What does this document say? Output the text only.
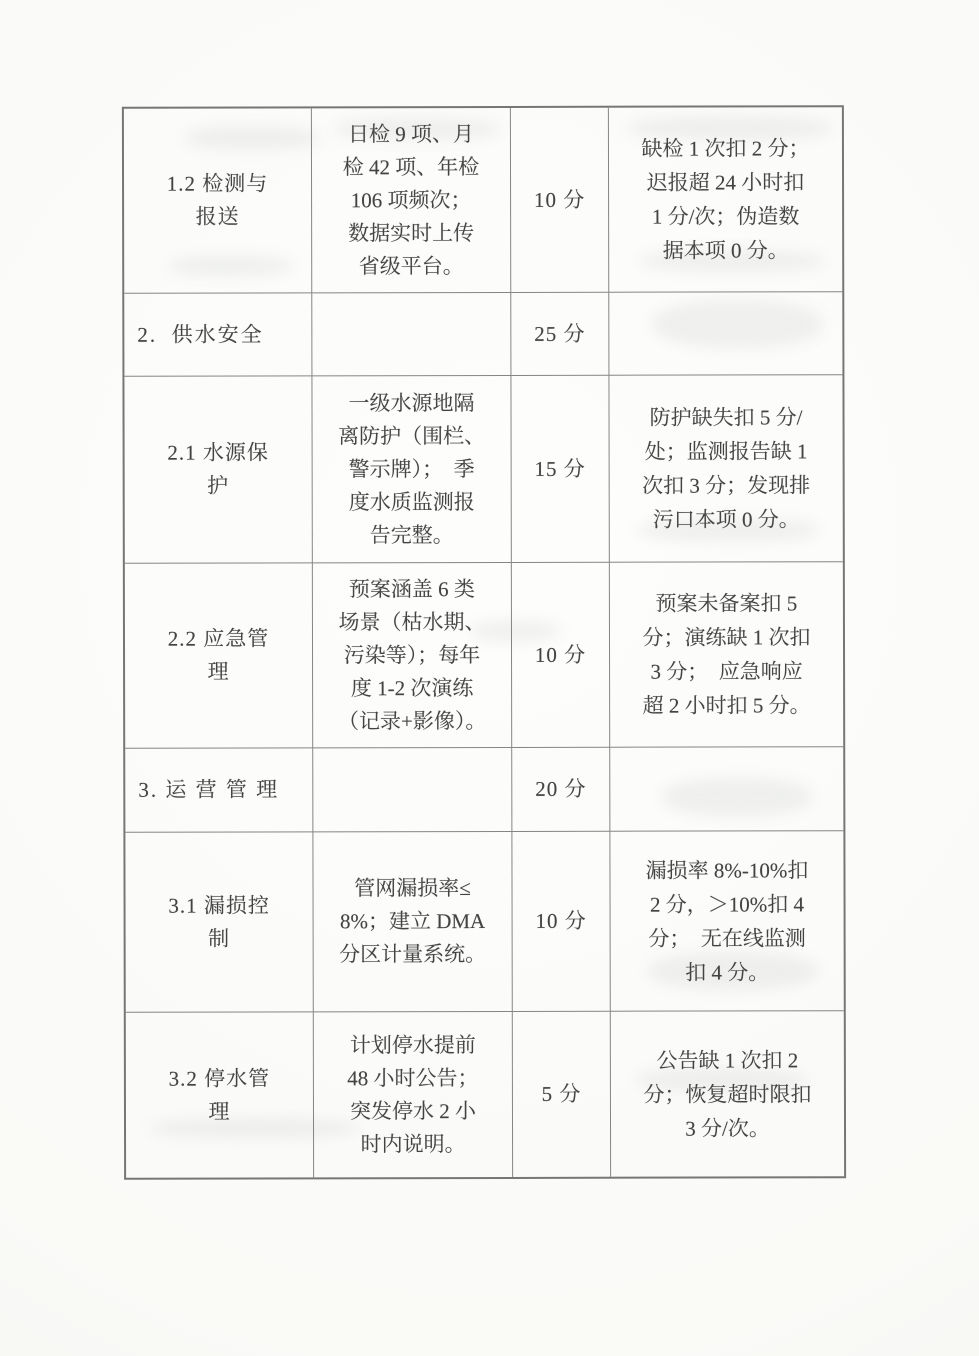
1.2 检测与
报送
日检 9 项、月
检 42 项、年检
106 项频次；
数据实时上传
省级平台。
10 分
缺检 1 次扣 2 分；
迟报超 24 小时扣
1 分/次；伪造数
据本项 0 分。
2.  供水安全	25 分
2.1 水源保
护
一级水源地隔
离防护（围栏、
警示牌）；　季
度水质监测报
告完整。
15 分
防护缺失扣 5 分/
处；监测报告缺 1
次扣 3 分；发现排
污口本项 0 分。
2.2 应急管
理
预案涵盖 6 类
场景（枯水期、
污染等）；每年
度 1-2 次演练
（记录+影像）。
10 分
预案未备案扣 5
分；演练缺 1 次扣
3 分；　应急响应
超 2 小时扣 5 分。
3. 运 营 管 理	20 分
3.1 漏损控
制
管网漏损率≤
8%；建立 DMA
分区计量系统。
10 分
漏损率 8%-10%扣
2 分，＞10%扣 4
分；　无在线监测
扣 4 分。
3.2 停水管
理
计划停水提前
48 小时公告；
突发停水 2 小
时内说明。
5 分
公告缺 1 次扣 2
分；恢复超时限扣
3 分/次。
